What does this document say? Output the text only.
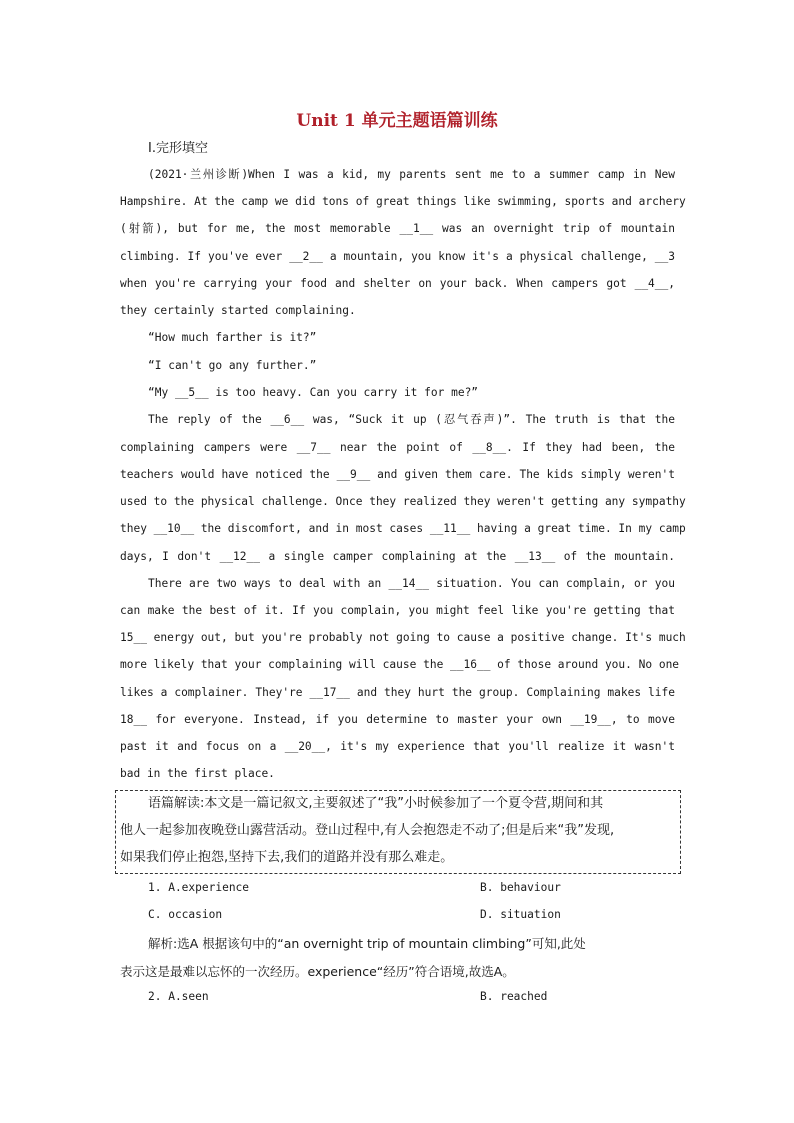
Unit 1 单元主题语篇训练
Ⅰ.完形填空
(2021·兰州诊断)When I was a kid, my parents sent me to a summer camp in New
Hampshire. At the camp we did tons of great things like swimming, sports and archery
(射箭), but for me, the most memorable __1__ was an overnight trip of mountain
climbing. If you've ever __2__ a mountain, you know it's a physical challenge, __3
when you're carrying your food and shelter on your back. When campers got __4__,
they certainly started complaining.
“How much farther is it?”
“I can't go any further.”
“My __5__ is too heavy. Can you carry it for me?”
The reply of the __6__ was, “Suck it up (忍气吞声)”. The truth is that the
complaining campers were __7__ near the point of __8__. If they had been, the
teachers would have noticed the __9__ and given them care. The kids simply weren't
used to the physical challenge. Once they realized they weren't getting any sympathy
they __10__ the discomfort, and in most cases __11__ having a great time. In my camp
days, I don't __12__ a single camper complaining at the __13__ of the mountain.
There are two ways to deal with an __14__ situation. You can complain, or you
can make the best of it. If you complain, you might feel like you're getting that
15__ energy out, but you're probably not going to cause a positive change. It's much
more likely that your complaining will cause the __16__ of those around you. No one
likes a complainer. They're __17__ and they hurt the group. Complaining makes life
18__ for everyone. Instead, if you determine to master your own __19__, to move
past it and focus on a __20__, it's my experience that you'll realize it wasn't
bad in the first place.
语篇解读:本文是一篇记叙文,主要叙述了“我”小时候参加了一个夏令营,期间和其
他人一起参加夜晚登山露营活动。登山过程中,有人会抱怨走不动了;但是后来“我”发现,
如果我们停止抱怨,坚持下去,我们的道路并没有那么难走。
1. A.experience	B. behaviour
C. occasion	D. situation
解析:选A 根据该句中的“an overnight trip of mountain climbing”可知,此处
表示这是最难以忘怀的一次经历。experience“经历”符合语境,故选A。
2. A.seen	B. reached
